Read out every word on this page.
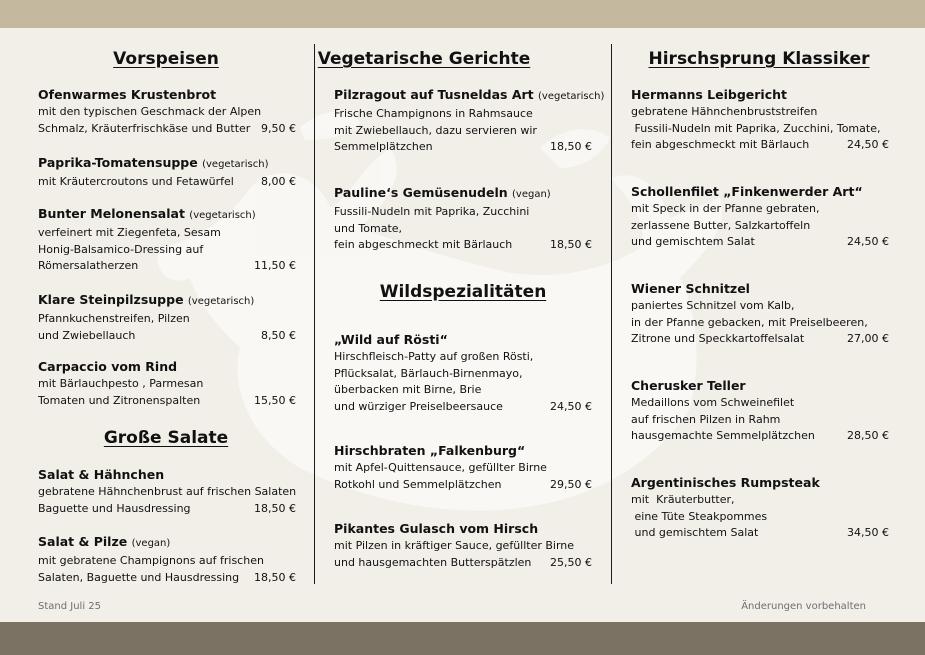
Vorspeisen	Vegetarische Gerichte	Hirschsprung Klassiker
Große Salate
Wildspezialitäten
Ofenwarmes Krustenbrot
mit den typischen Geschmack der Alpen
Schmalz, Kräuterfrischkäse und Butter 9,50 €
Paprika-Tomatensuppe (vegetarisch)
mit Kräutercroutons und Fetawürfel 8,00 €
Bunter Melonensalat (vegetarisch)
verfeinert mit Ziegenfeta, Sesam
Honig-Balsamico-Dressing auf
Römersalatherzen	11,50 €
Klare Steinpilzsuppe (vegetarisch)
Pfannkuchenstreifen, Pilzen
und Zwiebellauch	8,50 €
Carpaccio vom Rind
mit Bärlauchpesto , Parmesan
Tomaten und Zitronenspalten	15,50 €
Salat & Hähnchen
gebratene Hähnchenbrust auf frischen Salaten
Baguette und Hausdressing	18,50 €
Salat & Pilze (vegan)
mit gebratene Champignons auf frischen
Salaten, Baguette und Hausdressing 18,50 €
Pilzragout auf Tusneldas Art (vegetarisch)
Frische Champignons in Rahmsauce
mit Zwiebellauch, dazu servieren wir
Semmelplätzchen	18,50 €
Pauline‘s Gemüsenudeln (vegan)
Fussili-Nudeln mit Paprika, Zucchini
und Tomate,
fein abgeschmeckt mit Bärlauch	18,50 €
„Wild auf Rösti“
Hirschfleisch-Patty auf großen Rösti,
Pflücksalat, Bärlauch-Birnenmayo,
überbacken mit Birne, Brie
und würziger Preiselbeersauce	24,50 €
Hirschbraten „Falkenburg“
mit Apfel-Quittensauce, gefüllter Birne
Rotkohl und Semmelplätzchen	29,50 €
Pikantes Gulasch vom Hirsch
mit Pilzen in kräftiger Sauce, gefüllter Birne
und hausgemachten Butterspätzlen 25,50 €
Hermanns Leibgericht
gebratene Hähnchenbruststreifen
Fussili-Nudeln mit Paprika, Zucchini, Tomate,
fein abgeschmeckt mit Bärlauch	24,50 €
Schollenfilet „Finkenwerder Art“
mit Speck in der Pfanne gebraten,
zerlassene Butter, Salzkartoffeln
und gemischtem Salat	24,50 €
Wiener Schnitzel
paniertes Schnitzel vom Kalb,
in der Pfanne gebacken, mit Preiselbeeren,
Zitrone und Speckkartoffelsalat	27,00 €
Cherusker Teller
Medaillons vom Schweinefilet
auf frischen Pilzen in Rahm
hausgemachte Semmelplätzchen	28,50 €
Argentinisches Rumpsteak
mit  Kräuterbutter,
eine Tüte Steakpommes
und gemischtem Salat	34,50 €
Stand Juli 25	Änderungen vorbehalten
